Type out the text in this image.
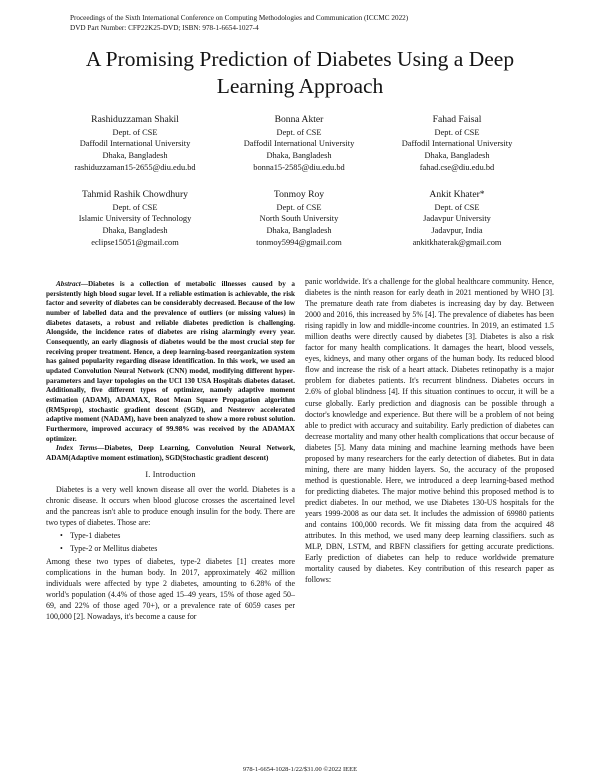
Proceedings of the Sixth International Conference on Computing Methodologies and Communication (ICCMC 2022)
DVD Part Number: CFP22K25-DVD; ISBN: 978-1-6654-1027-4
A Promising Prediction of Diabetes Using a Deep
Learning Approach
Rashiduzzaman Shakil
Dept. of CSE
Daffodil International University
Dhaka, Bangladesh
rashiduzzaman15-2655@diu.edu.bd
Bonna Akter
Dept. of CSE
Daffodil International University
Dhaka, Bangladesh
bonna15-2585@diu.edu.bd
Fahad Faisal
Dept. of CSE
Daffodil International University
Dhaka, Bangladesh
fahad.cse@diu.edu.bd
Tahmid Rashik Chowdhury
Dept. of CSE
Islamic University of Technology
Dhaka, Bangladesh
eclipse15051@gmail.com
Tonmoy Roy
Dept. of CSE
North South University
Dhaka, Bangladesh
tonmoy5994@gmail.com
Ankit Khater*
Dept. of CSE
Jadavpur University
Jadavpur, India
ankitkhaterak@gmail.com

Abstract—Diabetes is a collection of metabolic illnesses caused by a persistently high blood sugar level. If a reliable estimation is achievable, the risk factor and severity of diabetes can be considerably decreased. Because of the low number of labelled data and the prevalence of outliers (or missing values) in diabetes datasets, a robust and reliable diabetes prediction is challenging. Alongside, the incidence rates of diabetes are rising alarmingly every year. Consequently, an early diagnosis of diabetes would be the most crucial step for receiving proper treatment. Hence, a deep learning-based reorganization system has gained popularity regarding disease identification. In this work, we used an updated Convolution Neural Network (CNN) model, modifying different hyper-parameters and layer topologies on the UCI 130 USA Hospitals diabetes dataset. Additionally, five different types of optimizer, namely adaptive moment estimation (ADAM), ADAMAX, Root Mean Square Propagation algorithm (RMSprop), stochastic gradient descent (SGD), and Nesterov accelerated adaptive moment (NADAM), have been analyzed to show a more robust solution. Furthermore, improved accuracy of 99.98% was received by the ADAMAX optimizer.

Index Terms—Diabetes, Deep Learning, Convolution Neural Network, ADAM(Adaptive moment estimation), SGD(Stochastic gradient descent)

I. Introduction

Diabetes is a very well known disease all over the world. Diabetes is a chronic disease. It occurs when blood glucose crosses the ascertained level and the pancreas isn't able to produce enough insulin for the body. There are two types of diabetes. Those are:

• Type-1 diabetes
• Type-2 or Mellitus diabetes

Among these two types of diabetes, type-2 diabetes [1] creates more complications in the human body. In 2017, approximately 462 million individuals were affected by type 2 diabetes, amounting to 6.28% of the world's population (4.4% of those aged 15–49 years, 15% of those aged 50–69, and 22% of those aged 70+), or a prevalence rate of 6059 cases per 100,000 [2]. Nowadays, it's become a cause for

panic worldwide. It's a challenge for the global healthcare community. Hence, diabetes is the ninth reason for early death in 2021 mentioned by WHO [3]. The premature death rate from diabetes is increasing day by day. Between 2000 and 2016, this increased by 5% [4]. The prevalence of diabetes has been rising rapidly in low and middle-income countries. In 2019, an estimated 1.5 million deaths were directly caused by diabetes [3]. Diabetes is also a risk factor for many health complications. It damages the heart, blood vessels, eyes, kidneys, and many other organs of the human body. Its reduced blood flow and increase the risk of a heart attack. Diabetes retinopathy is a major problem for diabetes patients. It's recurrent blindness. Diabetes occurs in 2.6% of global blindness [4]. If this situation continues to occur, it will be a curse globally. Early prediction and diagnosis can be possible through a doctor's knowledge and experience. But there will be a problem of not being able to predict with accuracy and suitability. Early prediction of diabetes can decrease mortality and many other health complications that occur because of diabetes [5]. Many data mining and machine learning methods have been proposed by many researchers for the early detection of diabetes. But in data mining, there are many hidden layers. So, the accuracy of the proposed method is questionable. Here, we introduced a deep learning-based method for predicting diabetes. The major motive behind this proposed method is to predict diabetes. In our method, we use Diabetes 130-US hospitals for the years 1999-2008 as our data set. It includes the admission of 69980 patients and contains 100,000 records. We fit missing data from the acquired 48 attributes. In this method, we used many deep learning classifiers. such as MLP, DBN, LSTM, and RBFN classifiers for getting accurate predictions. Early prediction of diabetes can help to reduce worldwide premature mortality caused by diabetes. Key contribution of this research paper as follows:

978-1-6654-1028-1/22/$31.00 ©2022 IEEE
